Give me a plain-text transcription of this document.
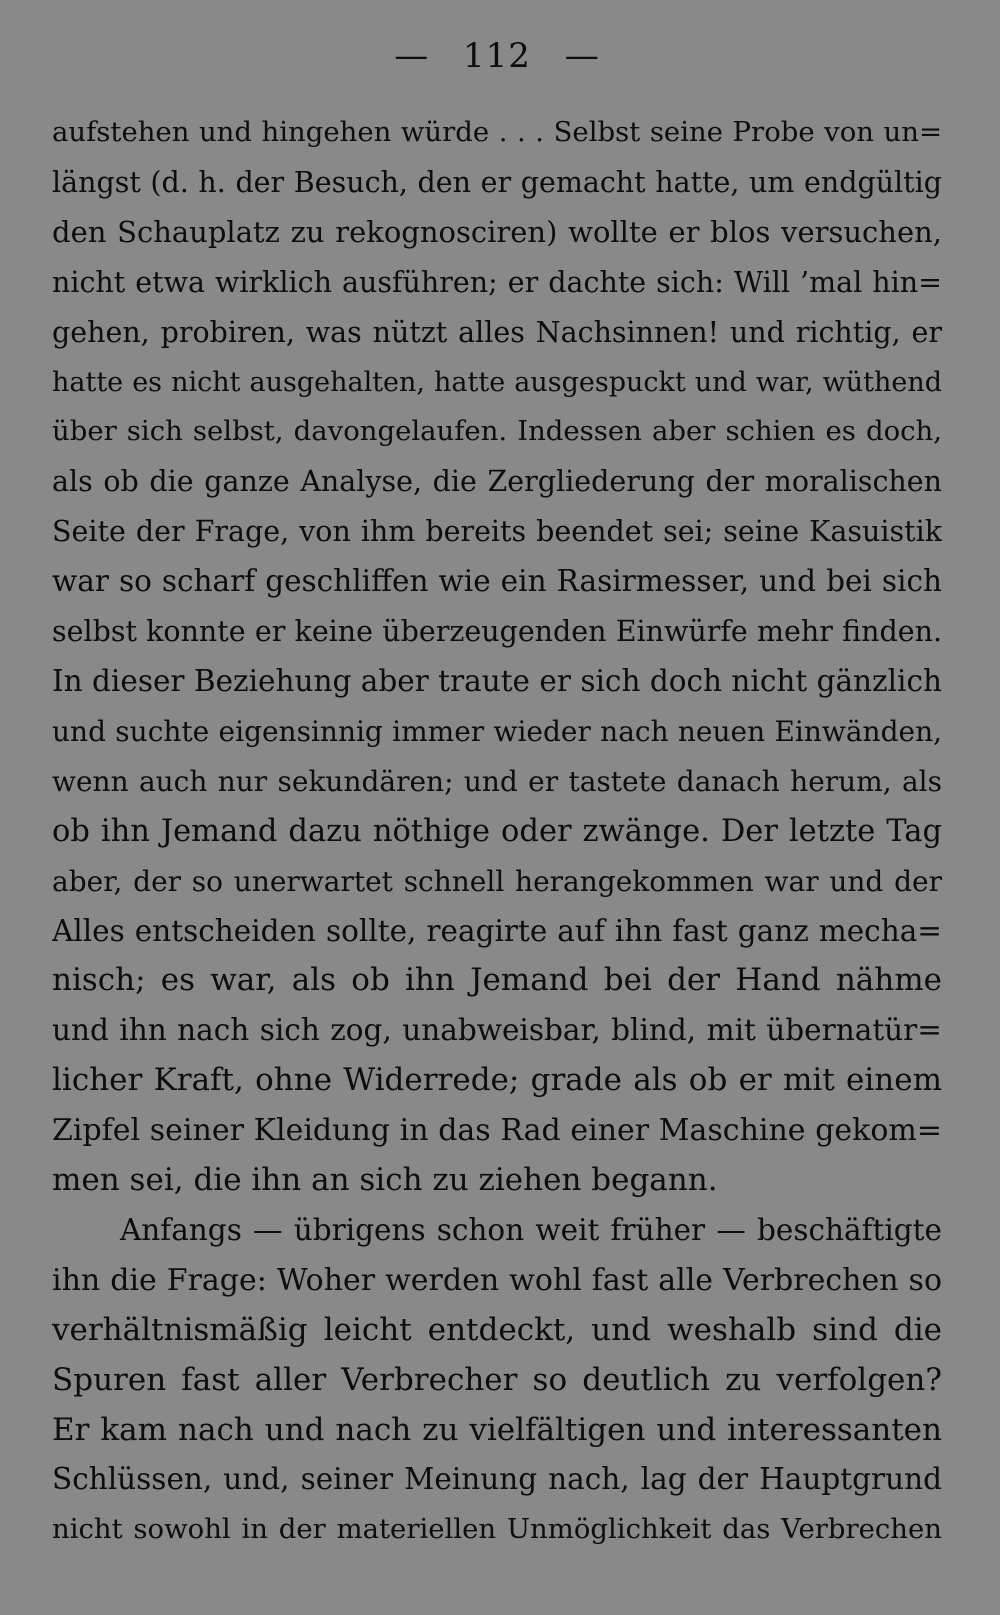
— 112 —
aufstehen und hingehen würde . . . Selbst seine Probe von un=
längst (d. h. der Besuch, den er gemacht hatte, um endgültig
den Schauplatz zu rekognosciren) wollte er blos versuchen,
nicht etwa wirklich ausführen; er dachte sich: Will ’mal hin=
gehen, probiren, was nützt alles Nachsinnen! und richtig, er
hatte es nicht ausgehalten, hatte ausgespuckt und war, wüthend
über sich selbst, davongelaufen. Indessen aber schien es doch,
als ob die ganze Analyse, die Zergliederung der moralischen
Seite der Frage, von ihm bereits beendet sei; seine Kasuistik
war so scharf geschliffen wie ein Rasirmesser, und bei sich
selbst konnte er keine überzeugenden Einwürfe mehr finden.
In dieser Beziehung aber traute er sich doch nicht gänzlich
und suchte eigensinnig immer wieder nach neuen Einwänden,
wenn auch nur sekundären; und er tastete danach herum, als
ob ihn Jemand dazu nöthige oder zwänge. Der letzte Tag
aber, der so unerwartet schnell herangekommen war und der
Alles entscheiden sollte, reagirte auf ihn fast ganz mecha=
nisch; es war, als ob ihn Jemand bei der Hand nähme
und ihn nach sich zog, unabweisbar, blind, mit übernatür=
licher Kraft, ohne Widerrede; grade als ob er mit einem
Zipfel seiner Kleidung in das Rad einer Maschine gekom=
men sei, die ihn an sich zu ziehen begann.
Anfangs — übrigens schon weit früher — beschäftigte
ihn die Frage: Woher werden wohl fast alle Verbrechen so
verhältnismäßig leicht entdeckt, und weshalb sind die
Spuren fast aller Verbrecher so deutlich zu verfolgen?
Er kam nach und nach zu vielfältigen und interessanten
Schlüssen, und, seiner Meinung nach, lag der Hauptgrund
nicht sowohl in der materiellen Unmöglichkeit das Verbrechen
